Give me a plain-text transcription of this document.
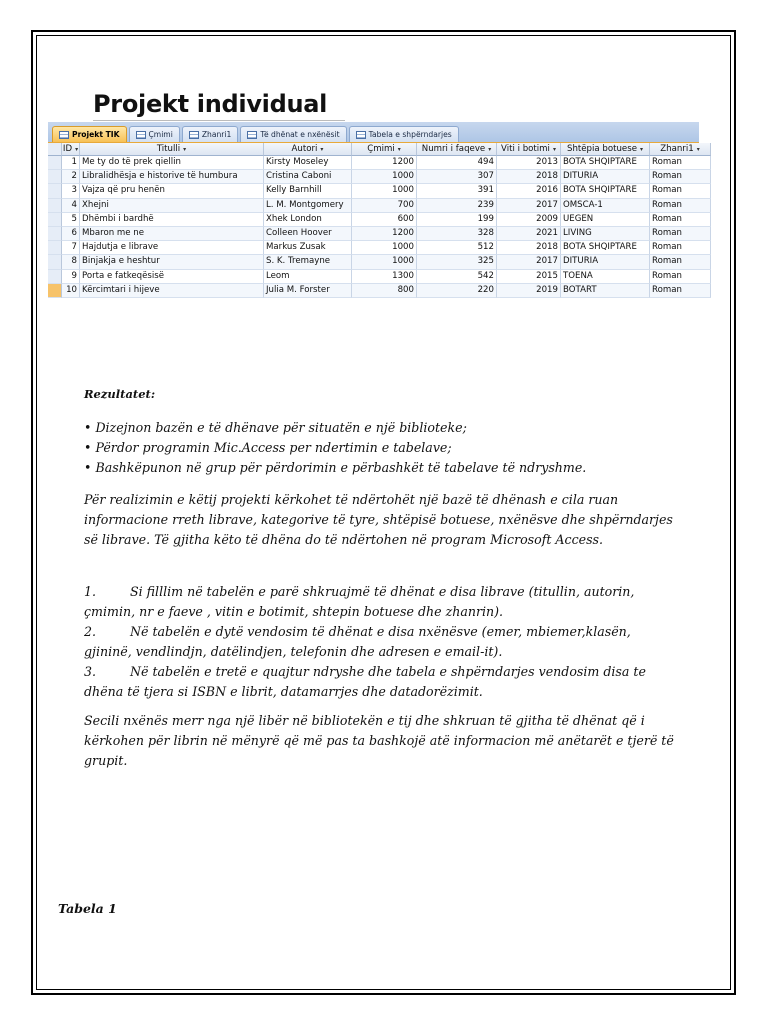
Projekt individual
Projekt TIK	Çmimi	Zhanri1	Të dhënat e nxënësit	Tabela e shpërndarjes
ID ▾	Titulli ▾	Autori ▾	Çmimi ▾	Numri i faqeve ▾	Viti i botimi ▾	Shtëpia botuese ▾	Zhanri1 ▾
1 Me ty do të prek qiellin	Kirsty Moseley	1200	494	2013 BOTA SHQIPTARE	Roman
2 Libralidhësja e historive të humbura	Cristina Caboni	1000	307	2018 DITURIA	Roman
3 Vajza që pru henën	Kelly Barnhill	1000	391	2016 BOTA SHQIPTARE	Roman
4 Xhejni	L. M. Montgomery	700	239	2017 OMSCA-1	Roman
5 Dhëmbi i bardhë	Xhek London	600	199	2009 UEGEN	Roman
6 Mbaron me ne	Colleen Hoover	1200	328	2021 LIVING	Roman
7 Hajdutja e librave	Markus Zusak	1000	512	2018 BOTA SHQIPTARE	Roman
8 Binjakja e heshtur	S. K. Tremayne	1000	325	2017 DITURIA	Roman
9 Porta e fatkeqësisë	Leom	1300	542	2015 TOENA	Roman
10 Kërcimtari i hijeve	Julia M. Forster	800	220	2019 BOTART	Roman

Rezultatet:

• Dizejnon bazën e të dhënave për situatën e një biblioteke;
• Përdor programin Mic.Access per ndertimin e tabelave;
• Bashkëpunon në grup për përdorimin e përbashkët të tabelave të ndryshme.

Për realizimin e këtij projekti kërkohet të ndërtohët një bazë të dhënash e cila ruan informacione rreth librave, kategorive të tyre, shtëpisë botuese, nxënësve dhe shpërndarjes së librave. Të gjitha këto të dhëna do të ndërtohen në program Microsoft Access.

1.	Si filllim në tabelën e parë shkruajmë të dhënat e disa librave (titullin, autorin, çmimin, nr e faeve , vitin e botimit, shtepin botuese dhe zhanrin).
2.	Në tabelën e dytë vendosim të dhënat e disa nxënësve (emer, mbiemer,klasën, gjininë, vendlindjn, datëlindjen, telefonin dhe adresen e email-it).
3.	Në tabelën e tretë e quajtur ndryshe dhe tabela e shpërndarjes vendosim disa te dhëna të tjera si ISBN e librit, datamarrjes dhe datadorëzimit.

Secili nxënës merr nga një libër në bibliotekën e tij dhe shkruan të gjitha të dhënat që i kërkohen për librin në mënyrë që më pas ta bashkojë atë informacion më anëtarët e tjerë të grupit.

Tabela 1
